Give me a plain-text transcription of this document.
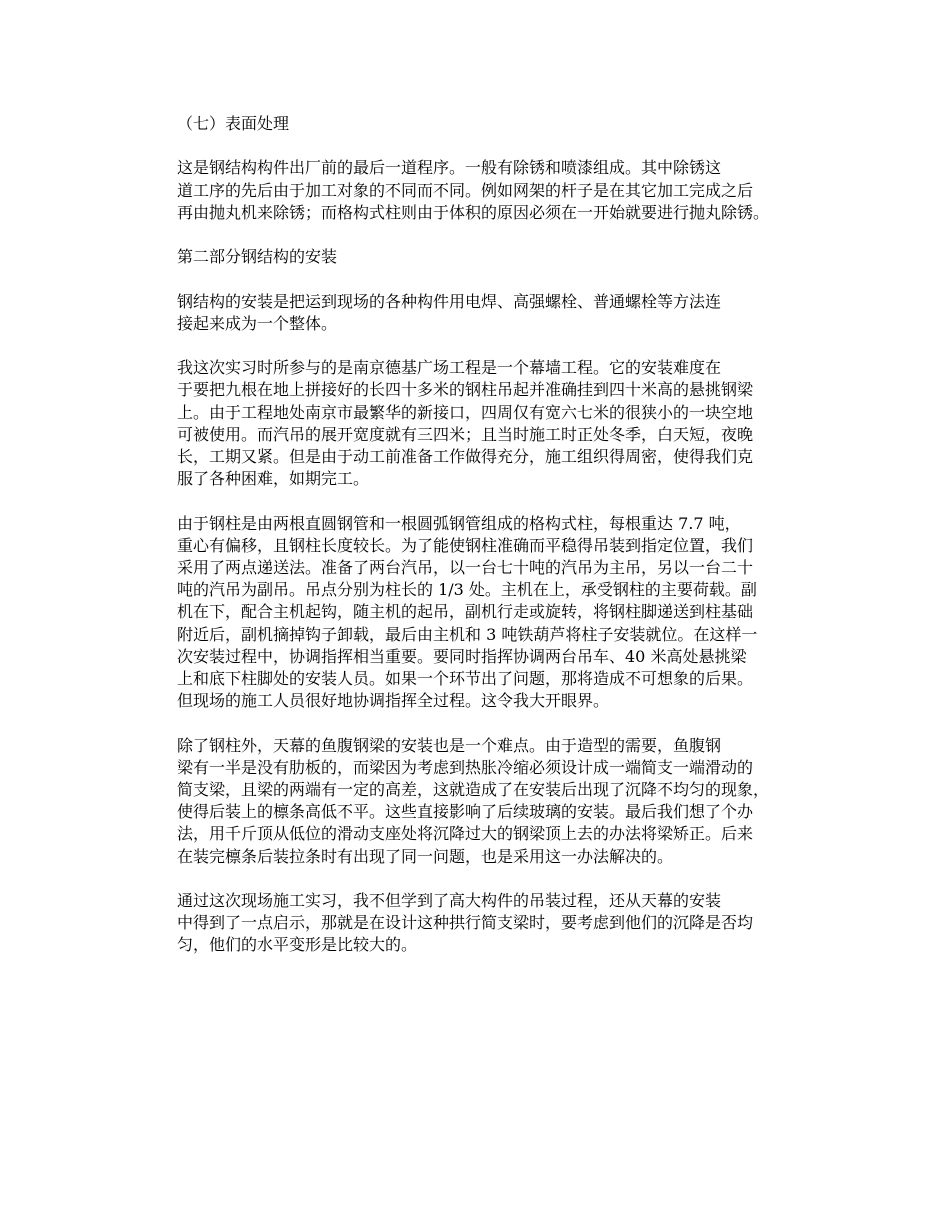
（七）表面处理
这是钢结构构件出厂前的最后一道程序。一般有除锈和喷漆组成。其中除锈这
道工序的先后由于加工对象的不同而不同。例如网架的杆子是在其它加工完成之后
再由抛丸机来除锈；而格构式柱则由于体积的原因必须在一开始就要进行抛丸除锈。
第二部分钢结构的安装
钢结构的安装是把运到现场的各种构件用电焊、高强螺栓、普通螺栓等方法连
接起来成为一个整体。
我这次实习时所参与的是南京德基广场工程是一个幕墙工程。它的安装难度在
于要把九根在地上拼接好的长四十多米的钢柱吊起并准确挂到四十米高的悬挑钢梁
上。由于工程地处南京市最繁华的新接口，四周仅有宽六七米的很狭小的一块空地
可被使用。而汽吊的展开宽度就有三四米；且当时施工时正处冬季，白天短，夜晚
长，工期又紧。但是由于动工前准备工作做得充分，施工组织得周密，使得我们克
服了各种困难，如期完工。
由于钢柱是由两根直圆钢管和一根圆弧钢管组成的格构式柱，每根重达 7.7 吨，
重心有偏移，且钢柱长度较长。为了能使钢柱准确而平稳得吊装到指定位置，我们
采用了两点递送法。准备了两台汽吊，以一台七十吨的汽吊为主吊，另以一台二十
吨的汽吊为副吊。吊点分别为柱长的 1/3 处。主机在上，承受钢柱的主要荷载。副
机在下，配合主机起钩，随主机的起吊，副机行走或旋转，将钢柱脚递送到柱基础
附近后，副机摘掉钩子卸载，最后由主机和 3 吨铁葫芦将柱子安装就位。在这样一
次安装过程中，协调指挥相当重要。要同时指挥协调两台吊车、40 米高处悬挑梁
上和底下柱脚处的安装人员。如果一个环节出了问题，那将造成不可想象的后果。
但现场的施工人员很好地协调指挥全过程。这令我大开眼界。
除了钢柱外，天幕的鱼腹钢梁的安装也是一个难点。由于造型的需要，鱼腹钢
梁有一半是没有肋板的，而梁因为考虑到热胀冷缩必须设计成一端简支一端滑动的
简支梁，且梁的两端有一定的高差，这就造成了在安装后出现了沉降不均匀的现象，
使得后装上的檩条高低不平。这些直接影响了后续玻璃的安装。最后我们想了个办
法，用千斤顶从低位的滑动支座处将沉降过大的钢梁顶上去的办法将梁矫正。后来
在装完檩条后装拉条时有出现了同一问题，也是采用这一办法解决的。
通过这次现场施工实习，我不但学到了高大构件的吊装过程，还从天幕的安装
中得到了一点启示，那就是在设计这种拱行简支梁时，要考虑到他们的沉降是否均
匀，他们的水平变形是比较大的。
